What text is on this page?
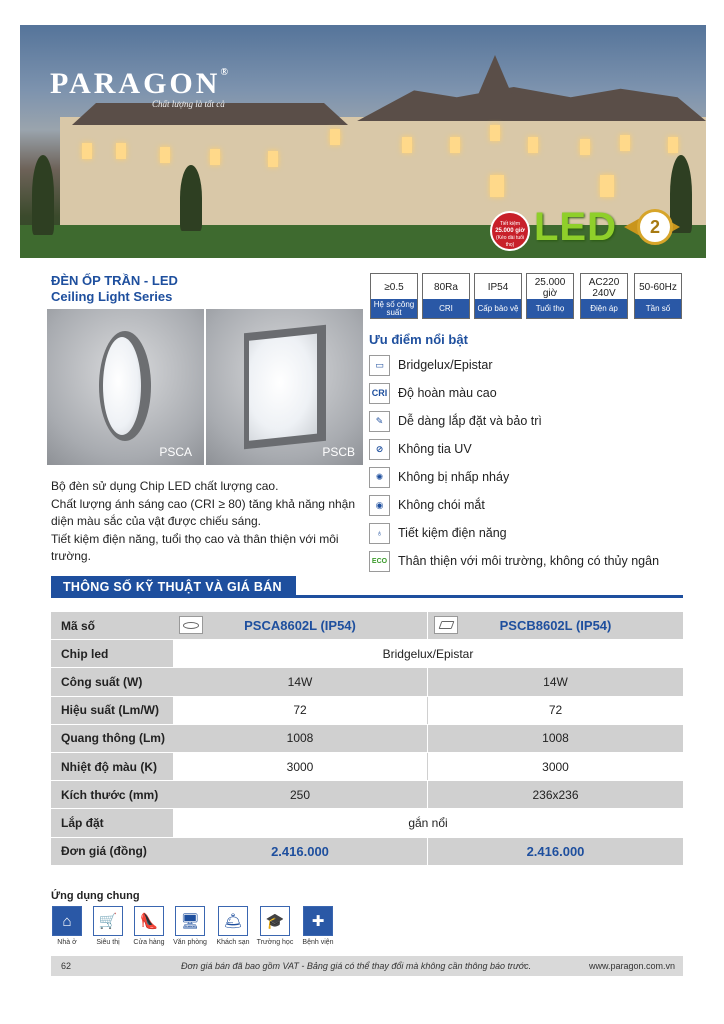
PARAGON®
Chất lượng là tất cả
Tiết kiệm
25.000 giờ
(Kéo dài tuổi thọ) LED	2
ĐÈN ỐP TRẦN - LED
Ceiling Light Series
≥0.5
Hệ số công suất
80Ra
CRI
IP54
Cấp bảo vệ
25.000 giờ
Tuổi thọ
AC220 240V
Điện áp
50-60Hz
Tần số
PSCA	PSCB
Ưu điểm nổi bật
▭	Bridgelux/Epistar
CRI Độ hoàn màu cao
✎	Dễ dàng lắp đặt và bảo trì
⊘	Không tia UV
✺	Không bị nhấp nháy
◉	Không chói mắt
♁	Tiết kiệm điện năng
ECO Thân thiện với môi trường, không có thủy ngân
Bộ đèn sử dụng Chip LED chất lượng cao.
Chất lượng ánh sáng cao (CRI ≥ 80) tăng khả năng nhận diện màu sắc của vật được chiếu sáng.
Tiết kiệm điện năng, tuổi thọ cao và thân thiện với môi trường.
THÔNG SỐ KỸ THUẬT VÀ GIÁ BÁN
Mã số	PSCA8602L (IP54)	PSCB8602L (IP54)
Chip led	Bridgelux/Epistar
Công suất (W)	14W	14W
Hiệu suất (Lm/W)	72	72
Quang thông (Lm)	1008	1008
Nhiệt độ màu (K)	3000	3000
Kích thước (mm)	250	236x236
Lắp đặt	gắn nổi
Đơn giá (đồng)	2.416.000	2.416.000
Ứng dụng chung
⌂
Nhà ở
🛒
Siêu thị
👠
Cửa hàng
🖥
Văn phòng
🛎
Khách sạn
🎓
Trường học
✚
Bệnh viện
62	Đơn giá bán đã bao gồm VAT - Bảng giá có thể thay đổi mà không cần thông báo trước.	www.paragon.com.vn
